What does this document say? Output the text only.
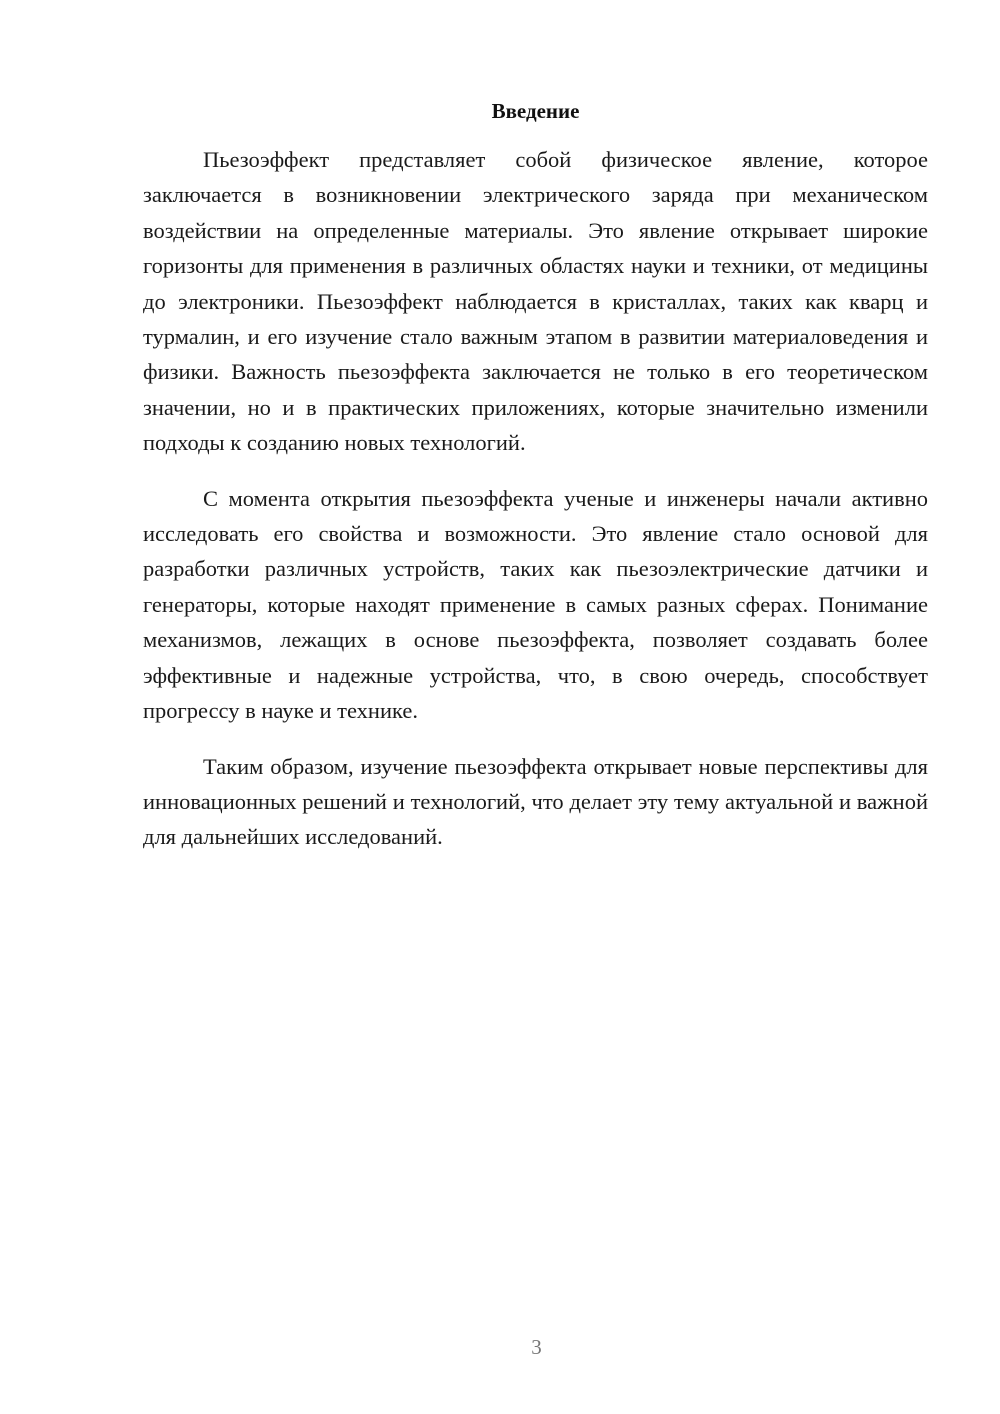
Введение

Пьезоэффект представляет собой физическое явление, которое заключается в возникновении электрического заряда при механическом воздействии на определенные материалы. Это явление открывает широкие горизонты для применения в различных областях науки и техники, от медицины до электроники. Пьезоэффект наблюдается в кристаллах, таких как кварц и турмалин, и его изучение стало важным этапом в развитии материаловедения и физики. Важность пьезоэффекта заключается не только в его теоретическом значении, но и в практических приложениях, которые значительно изменили подходы к созданию новых технологий.

С момента открытия пьезоэффекта ученые и инженеры начали активно исследовать его свойства и возможности. Это явление стало основой для разработки различных устройств, таких как пьезоэлектрические датчики и генераторы, которые находят применение в самых разных сферах. Понимание механизмов, лежащих в основе пьезоэффекта, позволяет создавать более эффективные и надежные устройства, что, в свою очередь, способствует прогрессу в науке и технике.

Таким образом, изучение пьезоэффекта открывает новые перспективы для инновационных решений и технологий, что делает эту тему актуальной и важной для дальнейших исследований.

3
